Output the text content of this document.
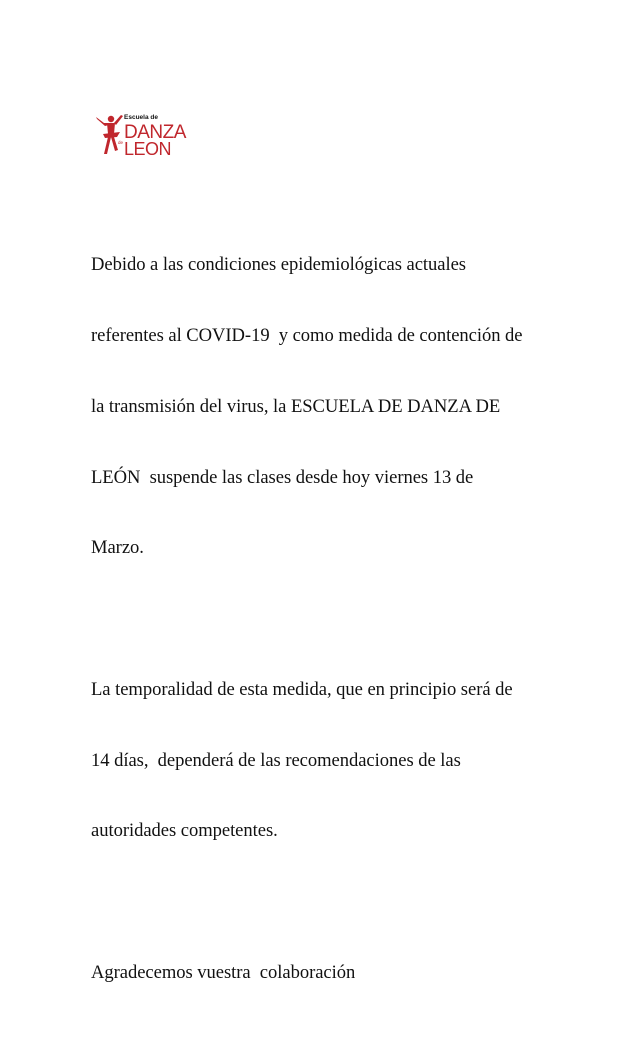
Escuela de
DANZA
de LEON

Debido a las condiciones epidemiológicas actuales

referentes al COVID-19  y como medida de contención de

la transmisión del virus, la ESCUELA DE DANZA DE

LEÓN  suspende las clases desde hoy viernes 13 de

Marzo.

La temporalidad de esta medida, que en principio será de

14 días,  dependerá de las recomendaciones de las

autoridades competentes.

Agradecemos vuestra  colaboración
